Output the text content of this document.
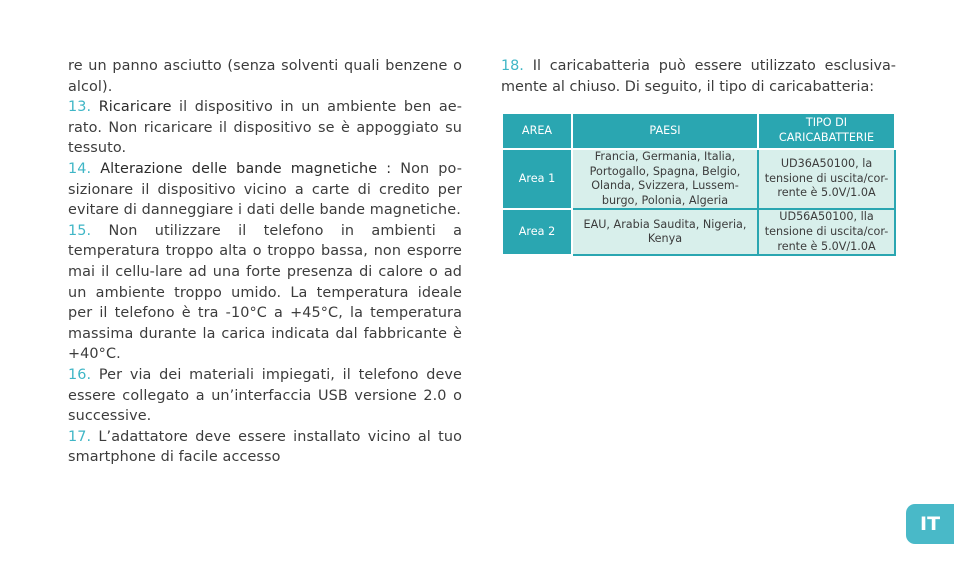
re un panno asciutto (senza solventi quali benzene o alcol).

13. Ricaricare il dispositivo in un ambiente ben ae-rato. Non ricaricare il dispositivo se è appoggiato su tessuto.

14. Alterazione delle bande magnetiche : Non po-sizionare il dispositivo vicino a carte di credito per evitare di danneggiare i dati delle bande magnetiche.

15. Non utilizzare il telefono in ambienti a temperatura troppo alta o troppo bassa, non esporre mai il cellu-lare ad una forte presenza di calore o ad un ambiente troppo umido. La temperatura ideale per il telefono è tra -10°C a +45°C, la temperatura massima durante la carica indicata dal fabbricante è +40°C.

16. Per via dei materiali impiegati, il telefono deve essere collegato a un’interfaccia USB versione 2.0 o successive.

17. L’adattatore deve essere installato vicino al tuo smartphone di facile accesso

18. Il caricabatteria può essere utilizzato esclusiva-mente al chiuso. Di seguito, il tipo di caricabatteria:

AREA	PAESI	TIPO DI CARICABATTERIE
Area 1	Francia, Germania, Italia, Portogallo, Spagna, Belgio, Olanda, Svizzera, Lussem-burgo, Polonia, Algeria	UD36A50100, la tensione di uscita/cor-rente è 5.0V/1.0A
Area 2	EAU, Arabia Saudita, Nigeria, Kenya	UD56A50100, lla tensione di uscita/cor-rente è 5.0V/1.0A
IT
